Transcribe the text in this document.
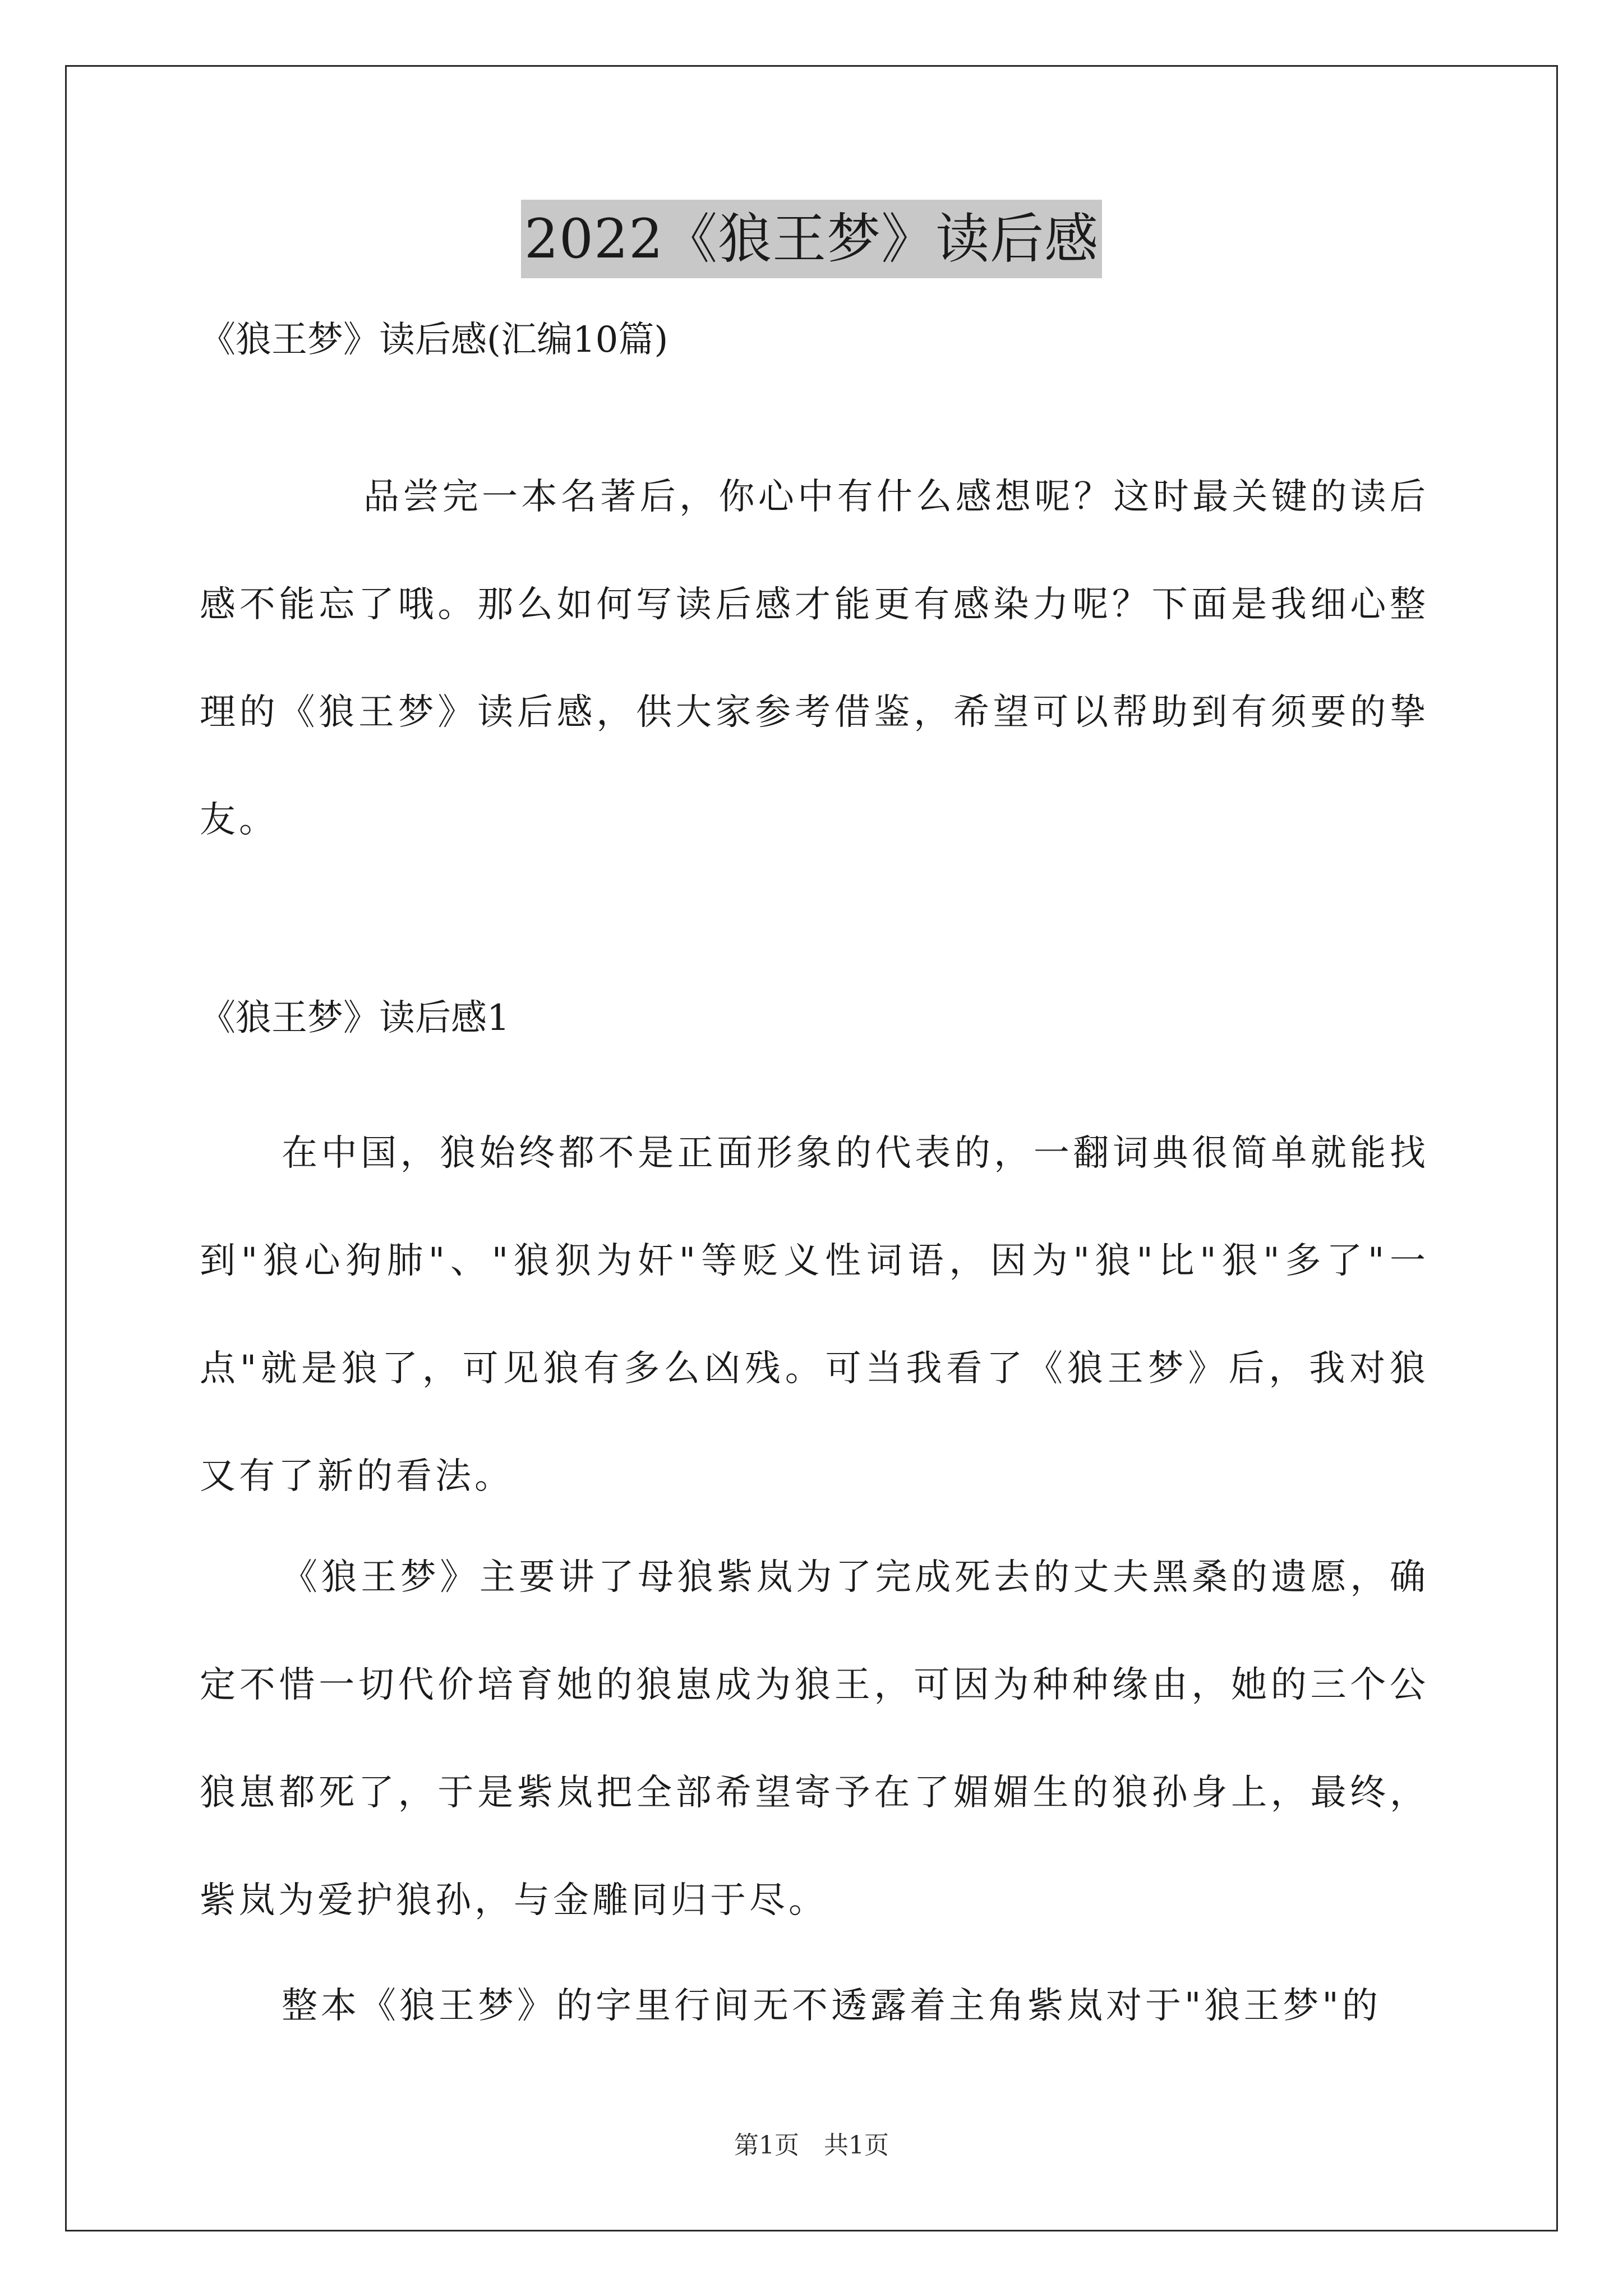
2022《狼王梦》读后感
《狼王梦》读后感(汇编10篇)
品尝完一本名著后，你心中有什么感想呢？这时最关键的读后感不能忘了哦。那么如何写读后感才能更有感染力呢？下面是我细心整理的《狼王梦》读后感，供大家参考借鉴，希望可以帮助到有须要的挚友。
《狼王梦》读后感1
在中国，狼始终都不是正面形象的代表的，一翻词典很简单就能找到"狼心狗肺"、"狼狈为奸"等贬义性词语，因为"狼"比"狠"多了"一点"就是狼了，可见狼有多么凶残。可当我看了《狼王梦》后，我对狼又有了新的看法。
《狼王梦》主要讲了母狼紫岚为了完成死去的丈夫黑桑的遗愿，确定不惜一切代价培育她的狼崽成为狼王，可因为种种缘由，她的三个公狼崽都死了，于是紫岚把全部希望寄予在了媚媚生的狼孙身上，最终，紫岚为爱护狼孙，与金雕同归于尽。
整本《狼王梦》的字里行间无不透露着主角紫岚对于"狼王梦"的
第1页　共1页
